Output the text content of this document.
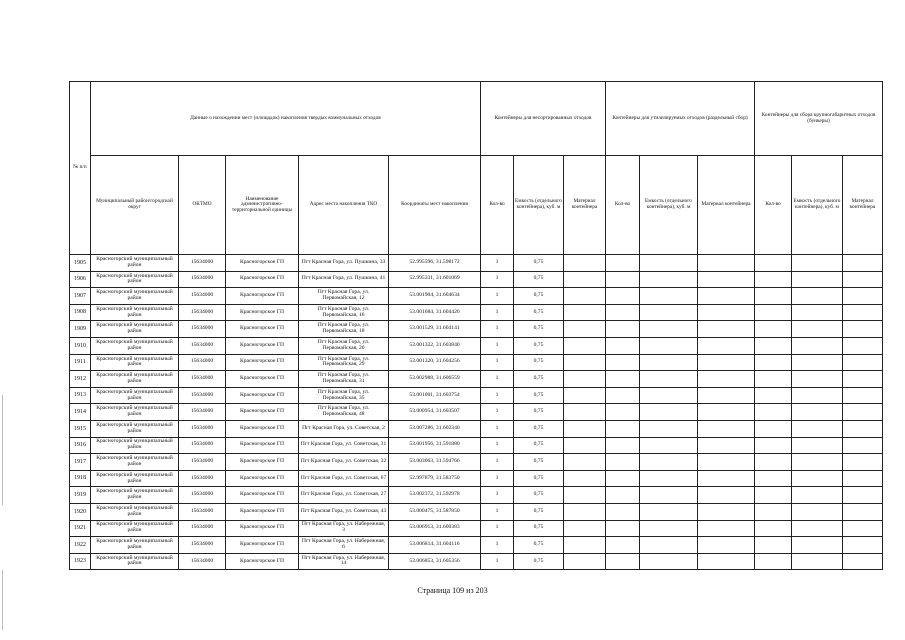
№ п/п	Данные о нахождении мест (площадок) накопления твердых коммунальных отходов					Контейнеры для несортированных отходов			Контейнеры для утилизируемых отходов (раздельный сбор)			Контейнеры для сбора крупногабаритных отходов (бункеры)		
	Муниципальный район/городской округ	ОКТМО	Наименование административно-территориальной единицы	Адрес места накопления ТКО	Координаты мест накопления	Кол-во	Емкость (отдельного контейнера), куб. м	Материал контейнера	Кол-во	Емкость (отдельного контейнера), куб. м	Материал контейнера	Кол-во	Емкость (отдельного контейнера), куб. м	Материал контейнера
1905	Красногорский муниципальный район	15634000	Красногорское ГП	Пгт Красная Гора, ул. Пушкина, 33	52.995596, 31.598172	1	0,75							
1906	Красногорский муниципальный район	15634000	Красногорское ГП	Пгт Красная Гора, ул. Пушкина, 41	52.995331, 31.601069	1	0,75							
1907	Красногорский муниципальный район	15634000	Красногорское ГП	Пгт Красная Гора, ул. Первомайская, 12	53.001904, 31.604634	1	0,75							
1908	Красногорский муниципальный район	15634000	Красногорское ГП	Пгт Красная Гора, ул. Первомайская, 16	53.001684, 31.604420	1	0,75							
1909	Красногорский муниципальный район	15634000	Красногорское ГП	Пгт Красная Гора, ул. Первомайская, 18	53.001529, 31.604141	1	0,75							
1910	Красногорский муниципальный район	15634000	Красногорское ГП	Пгт Красная Гора, ул. Первомайская, 20	53.001322, 31.603840	1	0,75							
1911	Красногорский муниципальный район	15634000	Красногорское ГП	Пгт Красная Гора, ул. Первомайская, 29	53.001320, 31.604256	1	0,75							
1912	Красногорский муниципальный район	15634000	Красногорское ГП	Пгт Красная Гора, ул. Первомайская, 31	53.002988, 31.606559	1	0,75							
1913	Красногорский муниципальный район	15634000	Красногорское ГП	Пгт Красная Гора, ул. Первомайская, 35	53.001001, 31.603754	1	0,75							
1914	Красногорский муниципальный район	15634000	Красногорское ГП	Пгт Красная Гора, ул. Первомайская, 48	53.000954, 31.603507	1	0,75							
1915	Красногорский муниципальный район	15634000	Красногорское ГП	Пгт Красная Гора, ул. Советская, 2	53.007286, 31.602340	1	0,75							
1916	Красногорский муниципальный район	15634000	Красногорское ГП	Пгт Красная Гора, ул. Советская, 31	53.001956, 31.591880	1	0,75							
1917	Красногорский муниципальный район	15634000	Красногорское ГП	Пгт Красная Гора, ул. Советская, 32	53.003063, 31.594766	1	0,75							
1918	Красногорский муниципальный район	15634000	Красногорское ГП	Пгт Красная Гора, ул. Советская, 67	52.997879, 31.583750	1	0,75							
1919	Красногорский муниципальный район	15634000	Красногорское ГП	Пгт Красная Гора, ул. Советская, 27	53.002372, 31.592978	1	0,75							
1920	Красногорский муниципальный район	15634000	Красногорское ГП	Пгт Красная Гора, ул. Советская, 43	53.000475, 31.587850	1	0,75							
1921	Красногорский муниципальный район	15634000	Красногорское ГП	Пгт Красная Гора, ул. Набережная, 3	53.006913, 31.600383	1	0,75							
1922	Красногорский муниципальный район	15634000	Красногорское ГП	Пгт Красная Гора, ул. Набережная, 6	53.006814, 31.604116	1	0,75							
1923	Красногорский муниципальный район	15634000	Красногорское ГП	Пгт Красная Гора, ул. Набережная, 14	53.006853, 31.605356	1	0,75							
Страница 109 из 203
